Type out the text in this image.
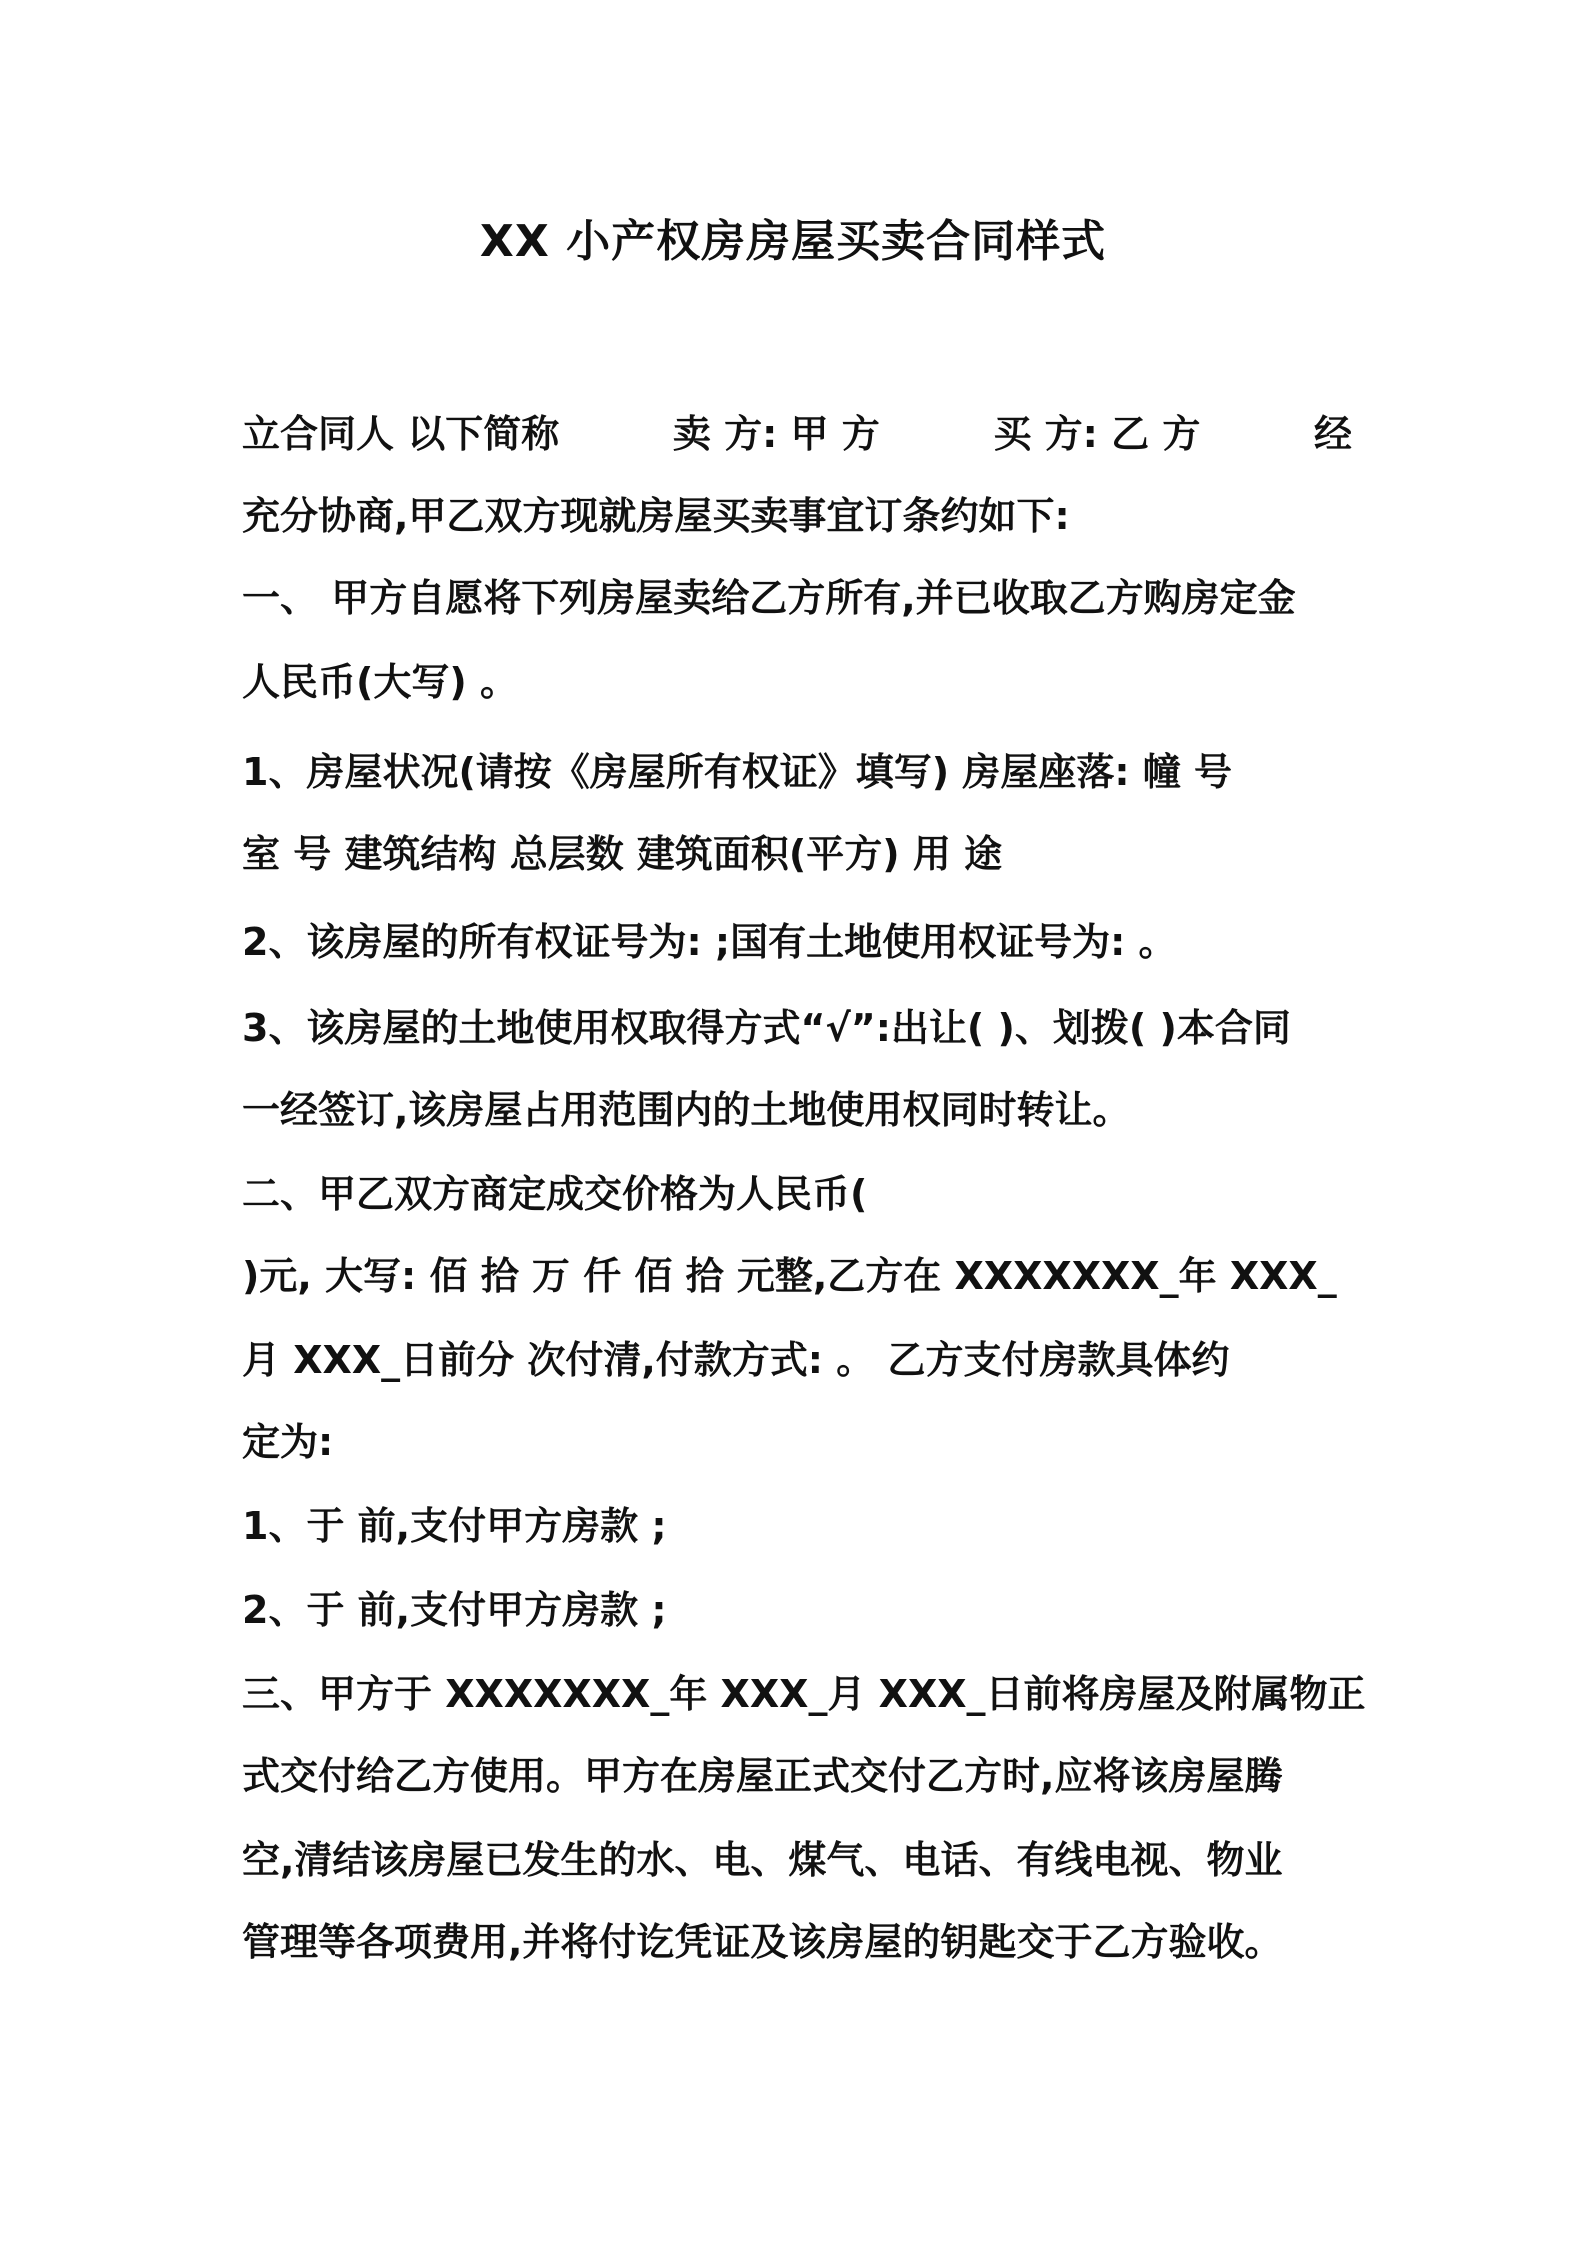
XX 小产权房房屋买卖合同样式
立合同人 以下简称	卖 方: 甲 方	买 方: 乙 方	经
充分协商,甲乙双方现就房屋买卖事宜订条约如下:
一、 甲方自愿将下列房屋卖给乙方所有,并已收取乙方购房定金
人民币(大写) 。
1、房屋状况(请按《房屋所有权证》填写) 房屋座落: 幢 号
室 号 建筑结构 总层数 建筑面积(平方) 用 途
2、该房屋的所有权证号为: ;国有土地使用权证号为: 。
3、该房屋的土地使用权取得方式“√”:出让( )、划拨( )本合同
一经签订,该房屋占用范围内的土地使用权同时转让。
二、甲乙双方商定成交价格为人民币(
)元, 大写: 佰 拾 万 仟 佰 拾 元整,乙方在 XXXXXXX_年 XXX_
月 XXX_日前分 次付清,付款方式: 。 乙方支付房款具体约
定为:
1、于 前,支付甲方房款 ;
2、于 前,支付甲方房款 ;
三、甲方于 XXXXXXX_年 XXX_月 XXX_日前将房屋及附属物正
式交付给乙方使用。甲方在房屋正式交付乙方时,应将该房屋腾
空,清结该房屋已发生的水、电、煤气、电话、有线电视、物业
管理等各项费用,并将付讫凭证及该房屋的钥匙交于乙方验收。
